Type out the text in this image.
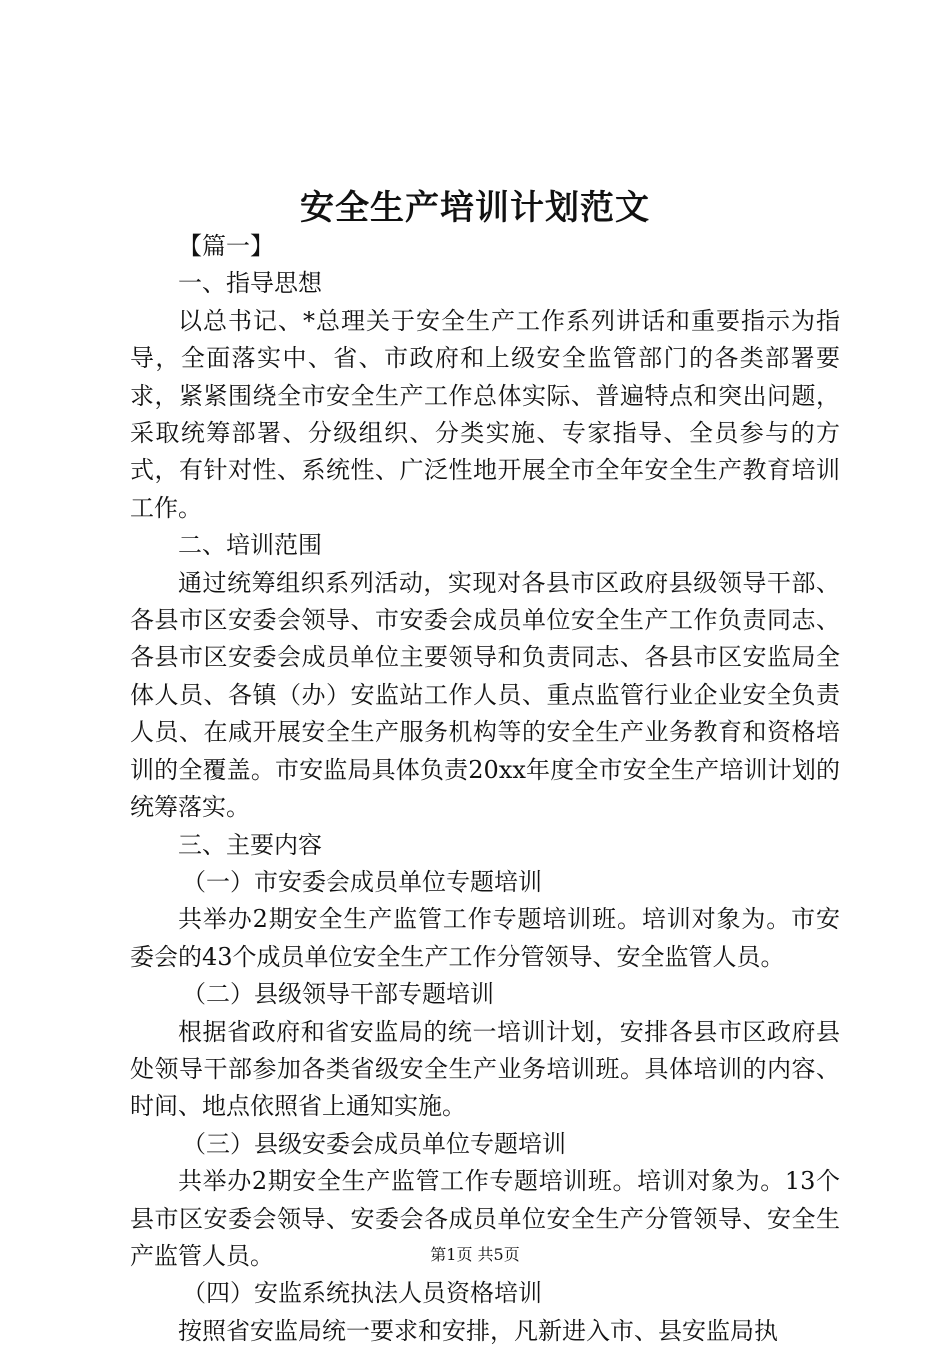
安全生产培训计划范文

【篇一】

一、指导思想

以总书记、*总理关于安全生产工作系列讲话和重要指示为指导，全面落实中、省、市政府和上级安全监管部门的各类部署要求，紧紧围绕全市安全生产工作总体实际、普遍特点和突出问题，采取统筹部署、分级组织、分类实施、专家指导、全员参与的方式，有针对性、系统性、广泛性地开展全市全年安全生产教育培训工作。

二、培训范围

通过统筹组织系列活动，实现对各县市区政府县级领导干部、各县市区安委会领导、市安委会成员单位安全生产工作负责同志、各县市区安委会成员单位主要领导和负责同志、各县市区安监局全体人员、各镇（办）安监站工作人员、重点监管行业企业安全负责人员、在咸开展安全生产服务机构等的安全生产业务教育和资格培训的全覆盖。市安监局具体负责20xx年度全市安全生产培训计划的统筹落实。

三、主要内容

（一）市安委会成员单位专题培训

共举办2期安全生产监管工作专题培训班。培训对象为。市安委会的43个成员单位安全生产工作分管领导、安全监管人员。

（二）县级领导干部专题培训

根据省政府和省安监局的统一培训计划，安排各县市区政府县处领导干部参加各类省级安全生产业务培训班。具体培训的内容、时间、地点依照省上通知实施。

（三）县级安委会成员单位专题培训

共举办2期安全生产监管工作专题培训班。培训对象为。13个县市区安委会领导、安委会各成员单位安全生产分管领导、安全生产监管人员。

（四）安监系统执法人员资格培训

按照省安监局统一要求和安排，凡新进入市、县安监局执

第1页 共5页
